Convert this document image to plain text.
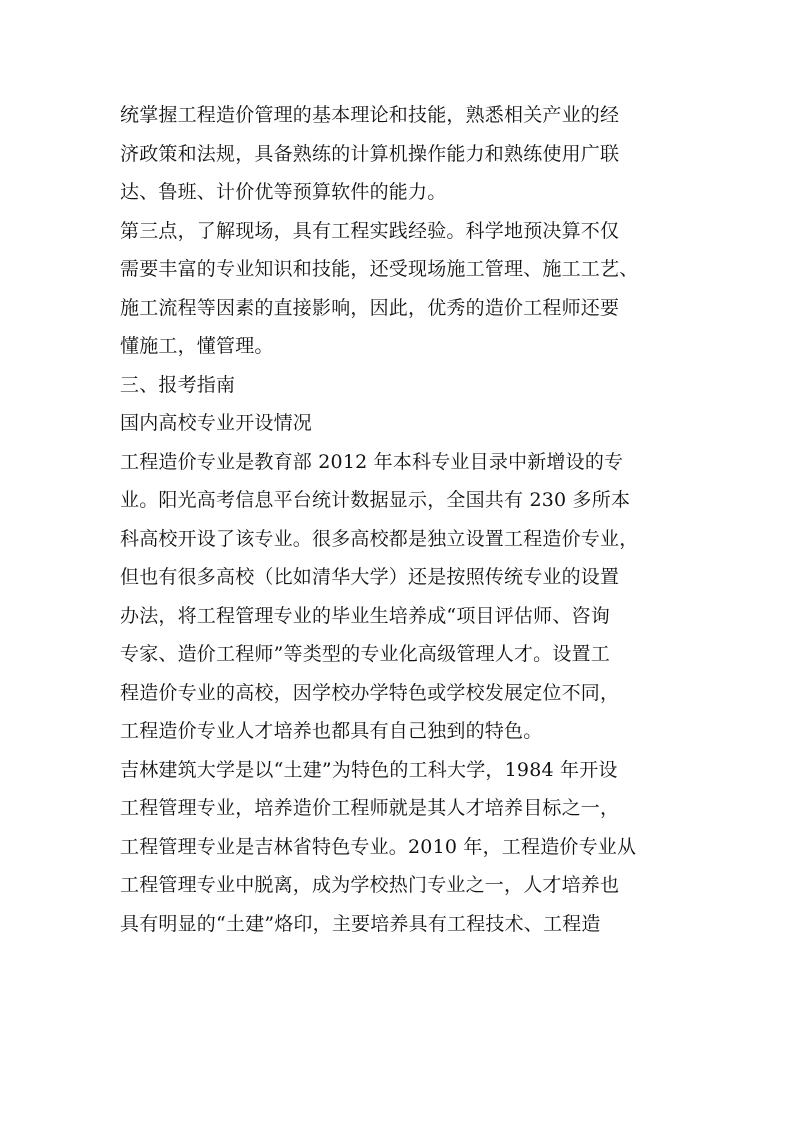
统掌握工程造价管理的基本理论和技能，熟悉相关产业的经
济政策和法规，具备熟练的计算机操作能力和熟练使用广联
达、鲁班、计价优等预算软件的能力。
第三点，了解现场，具有工程实践经验。科学地预决算不仅
需要丰富的专业知识和技能，还受现场施工管理、施工工艺、
施工流程等因素的直接影响，因此，优秀的造价工程师还要
懂施工，懂管理。
三、报考指南
国内高校专业开设情况
工程造价专业是教育部 2012 年本科专业目录中新增设的专
业。阳光高考信息平台统计数据显示，全国共有 230 多所本
科高校开设了该专业。很多高校都是独立设置工程造价专业，
但也有很多高校（比如清华大学）还是按照传统专业的设置
办法，将工程管理专业的毕业生培养成“项目评估师、咨询
专家、造价工程师”等类型的专业化高级管理人才。设置工
程造价专业的高校，因学校办学特色或学校发展定位不同，
工程造价专业人才培养也都具有自己独到的特色。
吉林建筑大学是以“土建”为特色的工科大学，1984 年开设
工程管理专业，培养造价工程师就是其人才培养目标之一，
工程管理专业是吉林省特色专业。2010 年，工程造价专业从
工程管理专业中脱离，成为学校热门专业之一，人才培养也
具有明显的“土建”烙印，主要培养具有工程技术、工程造
